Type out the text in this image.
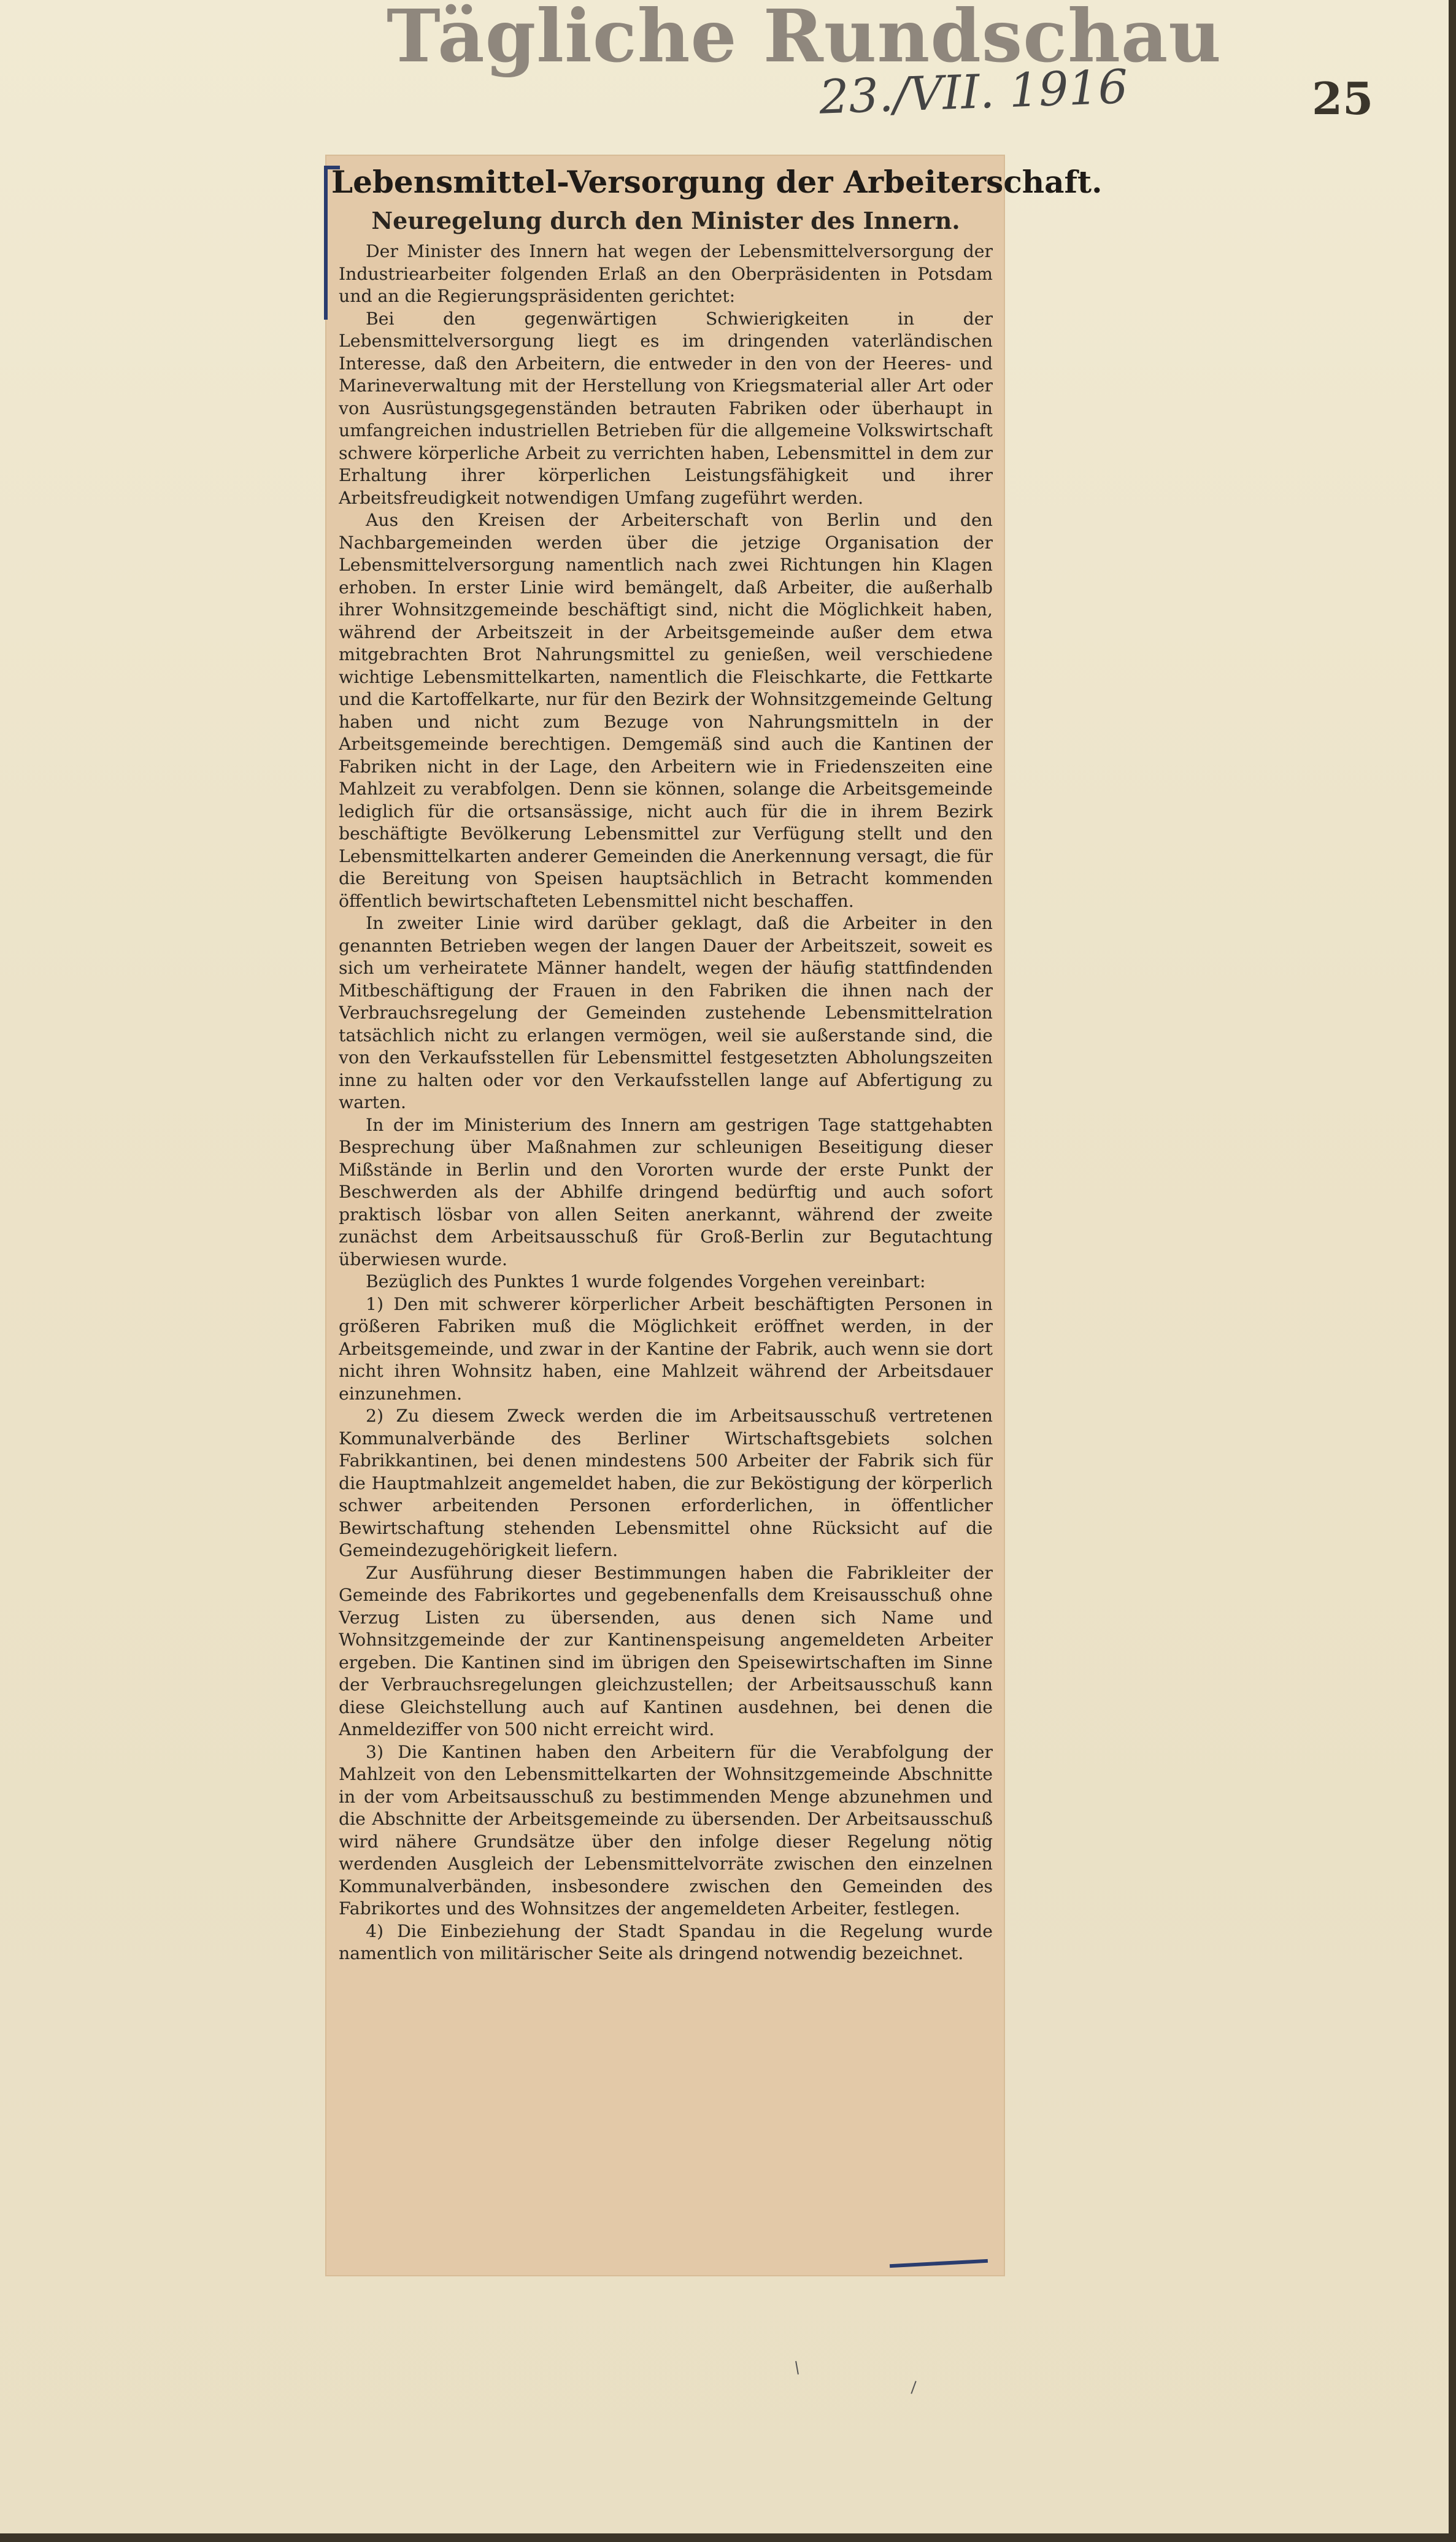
Tägliche Rundschau
23./VII. 1916	25
Lebensmittel-Versorgung der Arbeiterschaft.
Neuregelung durch den Minister des Innern.

Der Minister des Innern hat wegen der Lebensmittelversorgung der Industriearbeiter folgenden Erlaß an den Oberpräsidenten in Potsdam und an die Regierungspräsidenten gerichtet:

Bei den gegenwärtigen Schwierigkeiten in der Lebensmittelversorgung liegt es im dringenden vaterländischen Interesse, daß den Arbeitern, die entweder in den von der Heeres- und Marineverwaltung mit der Herstellung von Kriegsmaterial aller Art oder von Ausrüstungsgegenständen betrauten Fabriken oder überhaupt in umfangreichen industriellen Betrieben für die allgemeine Volkswirtschaft schwere körperliche Arbeit zu verrichten haben, Lebensmittel in dem zur Erhaltung ihrer körperlichen Leistungsfähigkeit und ihrer Arbeitsfreudigkeit notwendigen Umfang zugeführt werden.

Aus den Kreisen der Arbeiterschaft von Berlin und den Nachbargemeinden werden über die jetzige Organisation der Lebensmittelversorgung namentlich nach zwei Richtungen hin Klagen erhoben. In erster Linie wird bemängelt, daß Arbeiter, die außerhalb ihrer Wohnsitzgemeinde beschäftigt sind, nicht die Möglichkeit haben, während der Arbeitszeit in der Arbeitsgemeinde außer dem etwa mitgebrachten Brot Nahrungsmittel zu genießen, weil verschiedene wichtige Lebensmittelkarten, namentlich die Fleischkarte, die Fettkarte und die Kartoffelkarte, nur für den Bezirk der Wohnsitzgemeinde Geltung haben und nicht zum Bezuge von Nahrungsmitteln in der Arbeitsgemeinde berechtigen. Demgemäß sind auch die Kantinen der Fabriken nicht in der Lage, den Arbeitern wie in Friedenszeiten eine Mahlzeit zu verabfolgen. Denn sie können, solange die Arbeitsgemeinde lediglich für die ortsansässige, nicht auch für die in ihrem Bezirk beschäftigte Bevölkerung Lebensmittel zur Verfügung stellt und den Lebensmittelkarten anderer Gemeinden die Anerkennung versagt, die für die Bereitung von Speisen hauptsächlich in Betracht kommenden öffentlich bewirtschafteten Lebensmittel nicht beschaffen.

In zweiter Linie wird darüber geklagt, daß die Arbeiter in den genannten Betrieben wegen der langen Dauer der Arbeitszeit, soweit es sich um verheiratete Männer handelt, wegen der häufig stattfindenden Mitbeschäftigung der Frauen in den Fabriken die ihnen nach der Verbrauchsregelung der Gemeinden zustehende Lebensmittelration tatsächlich nicht zu erlangen vermögen, weil sie außerstande sind, die von den Verkaufsstellen für Lebensmittel festgesetzten Abholungszeiten inne zu halten oder vor den Verkaufsstellen lange auf Abfertigung zu warten.

In der im Ministerium des Innern am gestrigen Tage stattgehabten Besprechung über Maßnahmen zur schleunigen Beseitigung dieser Mißstände in Berlin und den Vororten wurde der erste Punkt der Beschwerden als der Abhilfe dringend bedürftig und auch sofort praktisch lösbar von allen Seiten anerkannt, während der zweite zunächst dem Arbeitsausschuß für Groß-Berlin zur Begutachtung überwiesen wurde.

Bezüglich des Punktes 1 wurde folgendes Vorgehen vereinbart:

1) Den mit schwerer körperlicher Arbeit beschäftigten Personen in größeren Fabriken muß die Möglichkeit eröffnet werden, in der Arbeitsgemeinde, und zwar in der Kantine der Fabrik, auch wenn sie dort nicht ihren Wohnsitz haben, eine Mahlzeit während der Arbeitsdauer einzunehmen.

2) Zu diesem Zweck werden die im Arbeitsausschuß vertretenen Kommunalverbände des Berliner Wirtschaftsgebiets solchen Fabrikkantinen, bei denen mindestens 500 Arbeiter der Fabrik sich für die Hauptmahlzeit angemeldet haben, die zur Beköstigung der körperlich schwer arbeitenden Personen erforderlichen, in öffentlicher Bewirtschaftung stehenden Lebensmittel ohne Rücksicht auf die Gemeindezugehörigkeit liefern.

Zur Ausführung dieser Bestimmungen haben die Fabrikleiter der Gemeinde des Fabrikortes und gegebenenfalls dem Kreisausschuß ohne Verzug Listen zu übersenden, aus denen sich Name und Wohnsitzgemeinde der zur Kantinenspeisung angemeldeten Arbeiter ergeben. Die Kantinen sind im übrigen den Speisewirtschaften im Sinne der Verbrauchsregelungen gleichzustellen; der Arbeitsausschuß kann diese Gleichstellung auch auf Kantinen ausdehnen, bei denen die Anmeldeziffer von 500 nicht erreicht wird.

3) Die Kantinen haben den Arbeitern für die Verabfolgung der Mahlzeit von den Lebensmittelkarten der Wohnsitzgemeinde Abschnitte in der vom Arbeitsausschuß zu bestimmenden Menge abzunehmen und die Abschnitte der Arbeitsgemeinde zu übersenden. Der Arbeitsausschuß wird nähere Grundsätze über den infolge dieser Regelung nötig werdenden Ausgleich der Lebensmittelvorräte zwischen den einzelnen Kommunalverbänden, insbesondere zwischen den Gemeinden des Fabrikortes und des Wohnsitzes der angemeldeten Arbeiter, festlegen.

4) Die Einbeziehung der Stadt Spandau in die Regelung wurde namentlich von militärischer Seite als dringend notwendig bezeichnet.
